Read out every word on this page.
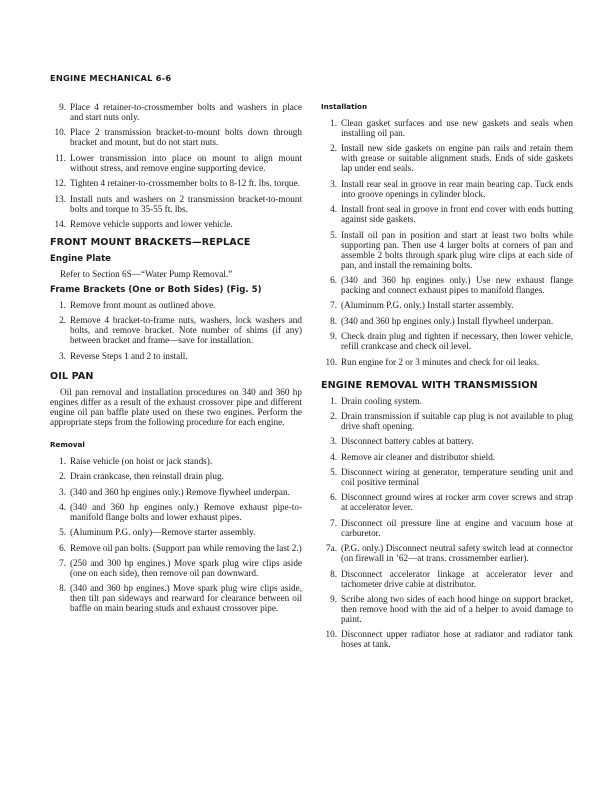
ENGINE MECHANICAL 6-6
9. Place 4 retainer-to-crossmember bolts and washers in place and start nuts only.
10. Place 2 transmission bracket-to-mount bolts down through bracket and mount, but do not start nuts.
11. Lower transmission into place on mount to align mount without stress, and remove engine supporting device.
12. Tighten 4 retainer-to-crossmember bolts to 8-12 ft. lbs. torque.
13. Install nuts and washers on 2 transmission bracket-to-mount bolts and torque to 35-55 ft. lbs.
14. Remove vehicle supports and lower vehicle.
FRONT MOUNT BRACKETS—REPLACE
Engine Plate

Refer to Section 6S—“Water Pump Removal.”

Frame Brackets (One or Both Sides) (Fig. 5)
1. Remove front mount as outlined above.
2. Remove 4 bracket-to-frame nuts, washers, lock washers and bolts, and remove bracket. Note number of shims (if any) between bracket and frame—save for installation.
3. Reverse Steps 1 and 2 to install.
OIL PAN

Oil pan removal and installation procedures on 340 and 360 hp engines differ as a result of the exhaust crossover pipe and different engine oil pan baffle plate used on these two engines. Perform the appropriate steps from the following procedure for each engine.

Removal
1. Raise vehicle (on hoist or jack stands).
2. Drain crankcase, then reinstall drain plug.
3. (340 and 360 hp engines only.) Remove flywheel underpan.
4. (340 and 360 hp engines only.) Remove exhaust pipe-to-manifold flange bolts and lower exhaust pipes.
5. (Aluminum P.G. only)—Remove starter assembly.
6. Remove oil pan bolts. (Support pan while removing the last 2.)
7. (250 and 300 hp engines.) Move spark plug wire clips aside (one on each side), then remove oil pan downward.
8. (340 and 360 hp engines.) Move spark plug wire clips aside, then tilt pan sideways and rearward for clearance between oil baffle on main bearing studs and exhaust crossover pipe.
Installation
1. Clean gasket surfaces and use new gaskets and seals when installing oil pan.
2. Install new side gaskets on engine pan rails and retain them with grease or suitable alignment studs. Ends of side gaskets lap under end seals.
3. Install rear seal in groove in rear main bearing cap. Tuck ends into groove openings in cylinder block.
4. Install front seal in groove in front end cover with ends butting against side gaskets.
5. Install oil pan in position and start at least two bolts while supporting pan. Then use 4 larger bolts at corners of pan and assemble 2 bolts through spark plug wire clips at each side of pan, and install the remaining bolts.
6. (340 and 360 hp engines only.) Use new exhaust flange packing and connect exhaust pipes to manifold flanges.
7. (Aluminum P.G. only.) Install starter assembly.
8. (340 and 360 hp engines only.) Install flywheel underpan.
9. Check drain plug and tighten if necessary, then lower vehicle, refill crankcase and check oil level.
10. Run engine for 2 or 3 minutes and check for oil leaks.
ENGINE REMOVAL WITH TRANSMISSION
1. Drain cooling system.
2. Drain transmission if suitable cap plug is not available to plug drive shaft opening.
3. Disconnect battery cables at battery.
4. Remove air cleaner and distributor shield.
5. Disconnect wiring at generator, temperature sending unit and coil positive terminal
6. Disconnect ground wires at rocker arm cover screws and strap at accelerator lever.
7. Disconnect oil pressure line at engine and vacuum hose at carburetor.
7a. (P.G. only.) Disconnect neutral safety switch lead at connector (on firewall in ’62—at trans. crossmember earlier).
8. Disconnect accelerator linkage at accelerator lever and tachometer drive cable at distributor.
9. Scribe along two sides of each hood hinge on support bracket, then remove hood with the aid of a helper to avoid damage to paint.
10. Disconnect upper radiator hose at radiator and radiator tank hoses at tank.
